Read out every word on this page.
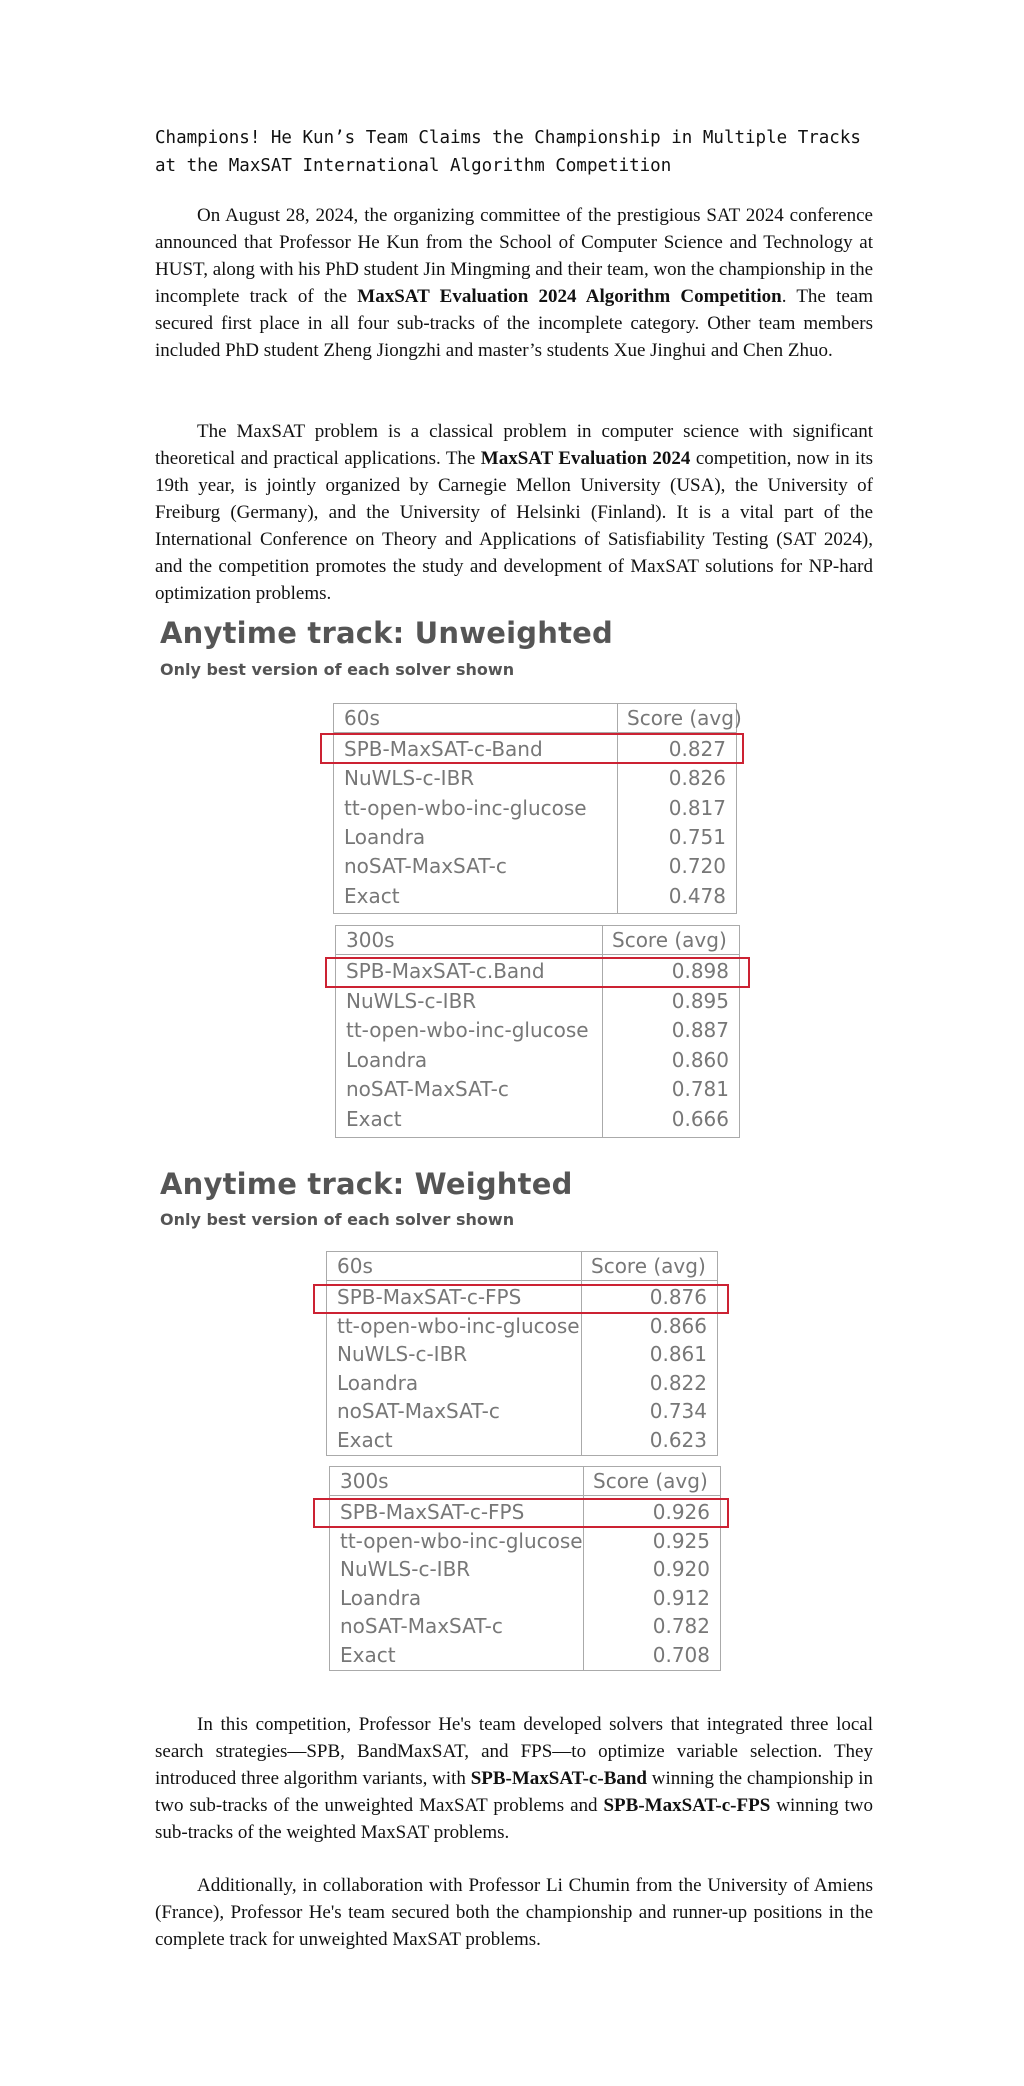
Champions! He Kun’s Team Claims the Championship in Multiple Tracks at the MaxSAT International Algorithm Competition

On August 28, 2024, the organizing committee of the prestigious SAT 2024 conference announced that Professor He Kun from the School of Computer Science and Technology at HUST, along with his PhD student Jin Mingming and their team, won the championship in the incomplete track of the MaxSAT Evaluation 2024 Algorithm Competition. The team secured first place in all four sub-tracks of the incomplete category. Other team members included PhD student Zheng Jiongzhi and master’s students Xue Jinghui and Chen Zhuo.

The MaxSAT problem is a classical problem in computer science with significant theoretical and practical applications. The MaxSAT Evaluation 2024 competition, now in its 19th year, is jointly organized by Carnegie Mellon University (USA), the University of Freiburg (Germany), and the University of Helsinki (Finland). It is a vital part of the International Conference on Theory and Applications of Satisfiability Testing (SAT 2024), and the competition promotes the study and development of MaxSAT solutions for NP-hard optimization problems.

Anytime track: Unweighted
Only best version of each solver shown
60s	Score (avg)
SPB-MaxSAT-c-Band	0.827
NuWLS-c-IBR	0.826
tt-open-wbo-inc-glucose	0.817
Loandra	0.751
noSAT-MaxSAT-c	0.720
Exact	0.478
300s	Score (avg)
SPB-MaxSAT-c.Band	0.898
NuWLS-c-IBR	0.895
tt-open-wbo-inc-glucose	0.887
Loandra	0.860
noSAT-MaxSAT-c	0.781
Exact	0.666
Anytime track: Weighted
Only best version of each solver shown
60s	Score (avg)
SPB-MaxSAT-c-FPS	0.876
tt-open-wbo-inc-glucose	0.866
NuWLS-c-IBR	0.861
Loandra	0.822
noSAT-MaxSAT-c	0.734
Exact	0.623
300s	Score (avg)
SPB-MaxSAT-c-FPS	0.926
tt-open-wbo-inc-glucose	0.925
NuWLS-c-IBR	0.920
Loandra	0.912
noSAT-MaxSAT-c	0.782
Exact	0.708

In this competition, Professor He's team developed solvers that integrated three local search strategies—SPB, BandMaxSAT, and FPS—to optimize variable selection. They introduced three algorithm variants, with SPB-MaxSAT-c-Band winning the championship in two sub-tracks of the unweighted MaxSAT problems and SPB-MaxSAT-c-FPS winning two sub-tracks of the weighted MaxSAT problems.

Additionally, in collaboration with Professor Li Chumin from the University of Amiens (France), Professor He's team secured both the championship and runner-up positions in the complete track for unweighted MaxSAT problems.
